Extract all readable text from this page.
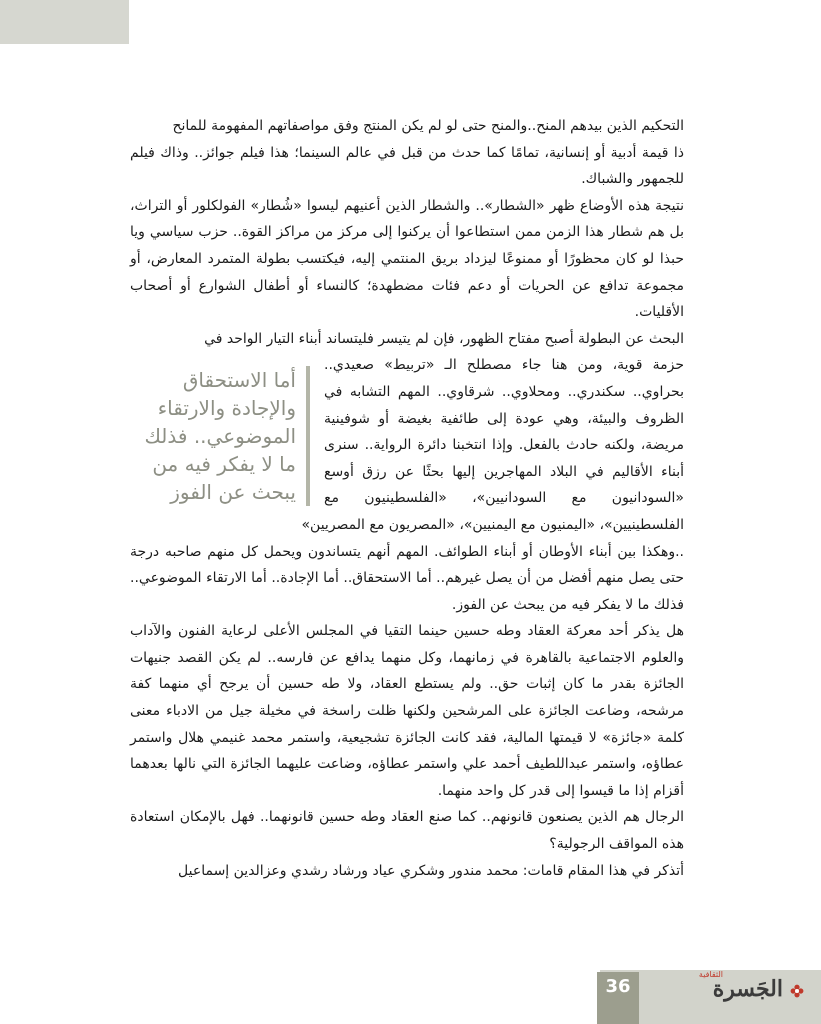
التحكيم الذين بيدهم المنح..والمنح حتى لو لم يكن المنتج وفق مواصفاتهم المفهومة للمانح

ذا قيمة أدبية أو إنسانية، تمامًا كما حدث من قبل في عالم السينما؛ هذا فيلم جوائز.. وذاك فيلم للجمهور والشباك.

نتيجة هذه الأوضاع ظهر «الشطار».. والشطار الذين أعنيهم ليسوا «شُطار» الفولكلور أو التراث، بل هم شطار هذا الزمن ممن استطاعوا أن يركنوا إلى مركز من مراكز القوة.. حزب سياسي ويا حبذا لو كان محظورًا أو ممنوعًا ليزداد بريق المنتمي إليه، فيكتسب بطولة المتمرد المعارض، أو مجموعة تدافع عن الحريات أو دعم فئات مضطهدة؛ كالنساء أو أطفال الشوارع أو أصحاب الأقليات.

البحث عن البطولة أصبح مفتاح الظهور، فإن لم يتيسر فليتساند أبناء التيار الواحد في

أما الاستحقاق
والإجادة والارتقاء
الموضوعي.. فذلك
ما لا يفكر فيه من
يبحث عن الفوز

حزمة قوية، ومن هنا جاء مصطلح الـ «تربيط» صعيدي.. بحراوي.. سكندري.. ومحلاوي.. شرقاوي.. المهم التشابه في الظروف والبيئة، وهي عودة إلى طائفية بغيضة أو شوفينية مريضة، ولكنه حادث بالفعل. وإذا انتخبنا دائرة الرواية.. سنرى أبناء الأقاليم في البلاد المهاجرين إليها بحثًا عن رزق أوسع «السودانيون مع السودانيين»، «الفلسطينيون مع الفلسطينيين»، «اليمنيون مع اليمنيين»، «المصريون مع المصريين»

..وهكذا بين أبناء الأوطان أو أبناء الطوائف. المهم أنهم يتساندون ويحمل كل منهم صاحبه درجة حتى يصل منهم أفضل من أن يصل غيرهم.. أما الاستحقاق.. أما الإجادة.. أما الارتقاء الموضوعي.. فذلك ما لا يفكر فيه من يبحث عن الفوز.

هل يذكر أحد معركة العقاد وطه حسين حينما التقيا في المجلس الأعلى لرعاية الفنون والآداب والعلوم الاجتماعية بالقاهرة في زمانهما، وكل منهما يدافع عن فارسه.. لم يكن القصد جنيهات الجائزة بقدر ما كان إثبات حق.. ولم يستطع العقاد، ولا طه حسين أن يرجح أي منهما كفة مرشحه، وضاعت الجائزة على المرشحين ولكنها ظلت راسخة في مخيلة جيل من الادباء معنى كلمة «جائزة» لا قيمتها المالية، فقد كانت الجائزة تشجيعية، واستمر محمد غنيمي هلال واستمر عطاؤه، واستمر عبداللطيف أحمد علي واستمر عطاؤه، وضاعت عليهما الجائزة التي نالها بعدهما أقزام إذا ما قيسوا إلى قدر كل واحد منهما.

الرجال هم الذين يصنعون قانونهم.. كما صنع العقاد وطه حسين قانونهما.. فهل بالإمكان استعادة هذه المواقف الرجولية؟

أتذكر في هذا المقام قامات: محمد مندور وشكري عياد ورشاد رشدي وعزالدين إسماعيل

36
الثقافية
الجَسرة
